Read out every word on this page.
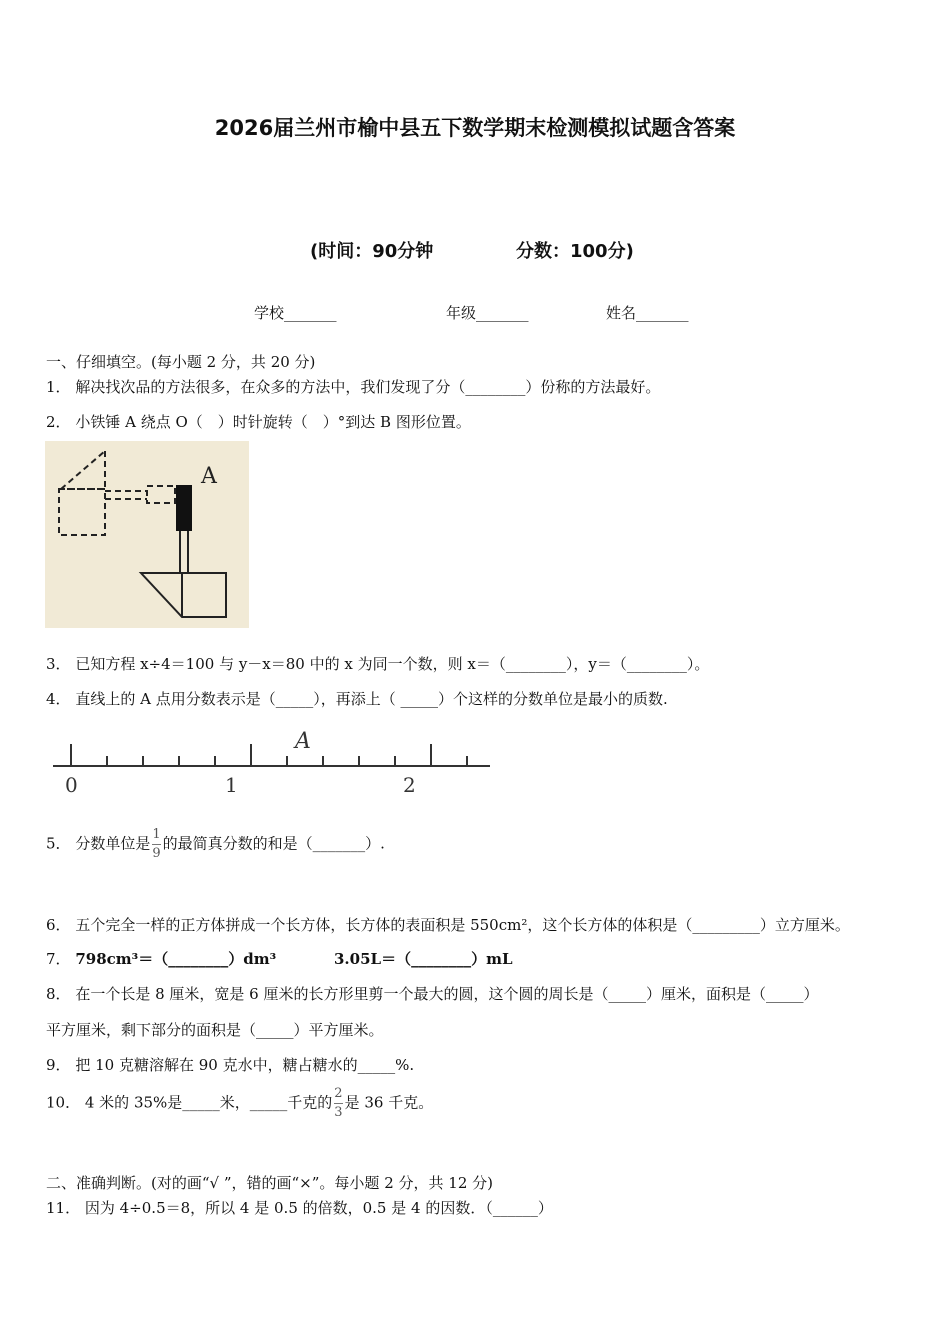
2026届兰州市榆中县五下数学期末检测模拟试题含答案
(时间：90分钟	分数：100分)
学校_______	年级_______	姓名_______
一、仔细填空。(每小题 2 分，共 20 分)
1． 解决找次品的方法很多，在众多的方法中，我们发现了分（________）份称的方法最好。
2． 小铁锤 A 绕点 O（　）时针旋转（　）°到达 B 图形位置。
A
3． 已知方程 x÷4＝100 与 y－x＝80 中的 x 为同一个数，则 x＝（________），y＝（________）。
4． 直线上的 A 点用分数表示是（_____），再添上（ _____）个这样的分数单位是最小的质数.
0	1	2
A
5． 分数单位是 $\frac{1}{9}$ 的最简真分数的和是（_______）.
6． 五个完全一样的正方体拼成一个长方体，长方体的表面积是 550cm²，这个长方体的体积是（_________）立方厘米。
7． 798cm³＝（________）dm³	3.05L＝（________）mL
8． 在一个长是 8 厘米，宽是 6 厘米的长方形里剪一个最大的圆，这个圆的周长是（_____）厘米，面积是（_____）
平方厘米，剩下部分的面积是（_____）平方厘米。
9． 把 10 克糖溶解在 90 克水中，糖占糖水的_____%.
10． 4 米的 35%是_____米，_____千克的 $\frac{2}{3}$ 是 36 千克。
二、准确判断。(对的画“√ ”，错的画“×”。每小题 2 分，共 12 分)
11． 因为 4÷0.5＝8，所以 4 是 0.5 的倍数，0.5 是 4 的因数．（______）
